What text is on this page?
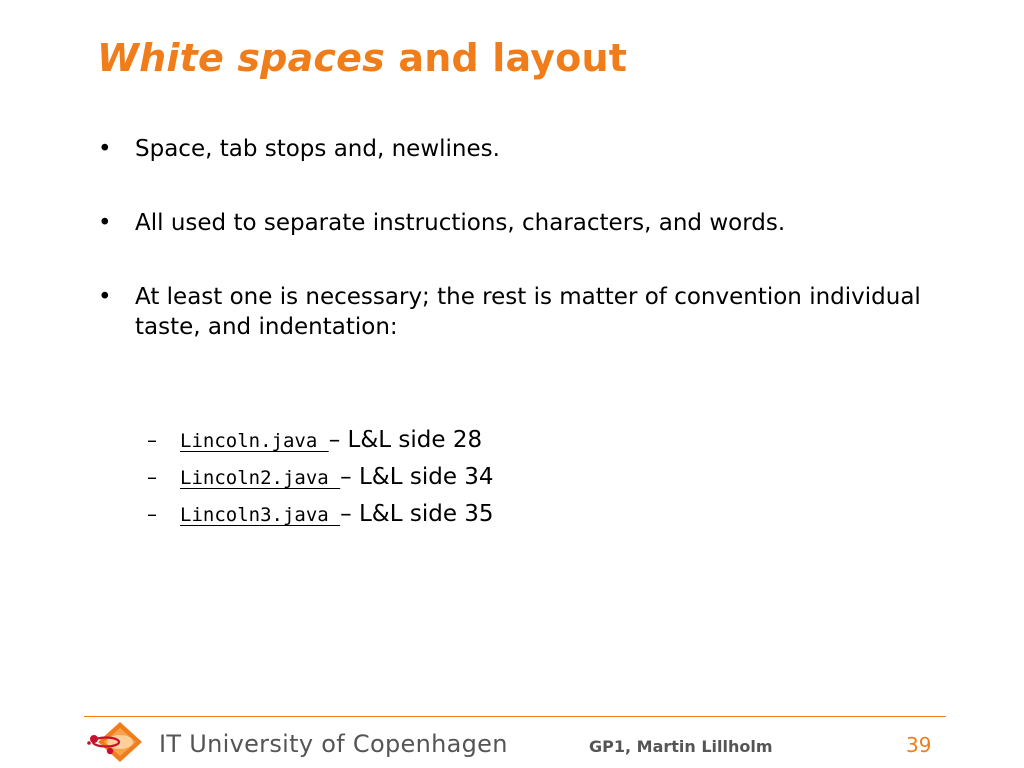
White spaces and layout
• Space, tab stops and, newlines.
• All used to separate instructions, characters, and words.
• At least one is necessary; the rest is matter of convention individual taste, and indentation:
– Lincoln.java – L&L side 28
– Lincoln2.java – L&L side 34
– Lincoln3.java – L&L side 35
IT University of Copenhagen	GP1, Martin Lillholm	39
